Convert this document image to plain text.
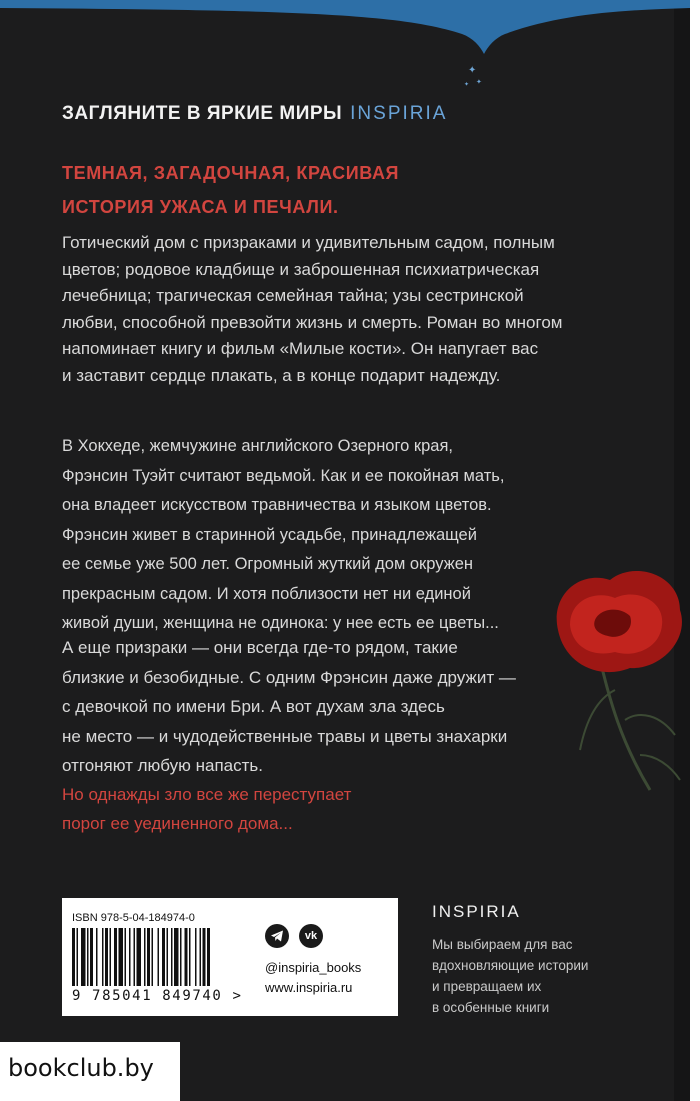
✦
✦
✦
ЗАГЛЯНИТЕ В ЯРКИЕ МИРЫ INSPIRIA
ТЕМНАЯ, ЗАГАДОЧНАЯ, КРАСИВАЯ
ИСТОРИЯ УЖАСА И ПЕЧАЛИ.
Готический дом с призраками и удивительным садом, полным
цветов; родовое кладбище и заброшенная психиатрическая
лечебница; трагическая семейная тайна; узы сестринской
любви, способной превзойти жизнь и смерть. Роман во многом
напоминает книгу и фильм «Милые кости». Он напугает вас
и заставит сердце плакать, а в конце подарит надежду.
В Хокхеде, жемчужине английского Озерного края,
Фрэнсин Туэйт считают ведьмой. Как и ее покойная мать,
она владеет искусством травничества и языком цветов.
Фрэнсин живет в старинной усадьбе, принадлежащей
ее семье уже 500 лет. Огромный жуткий дом окружен
прекрасным садом. И хотя поблизости нет ни единой
живой души, женщина не одинока: у нее есть ее цветы...
А еще призраки — они всегда где-то рядом, такие
близкие и безобидные. С одним Фрэнсин даже дружит —
с девочкой по имени Бри. А вот духам зла здесь
не место — и чудодейственные травы и цветы знахарки
отгоняют любую напасть.
Но однажды зло все же переступает
порог ее уединенного дома...
ISBN 978-5-04-184974-0
9 785041 849740 >
vk
@inspiria_books
www.inspiria.ru
INSPIRIA
Мы выбираем для вас
вдохновляющие истории
и превращаем их
в особенные книги
bookclub.by
